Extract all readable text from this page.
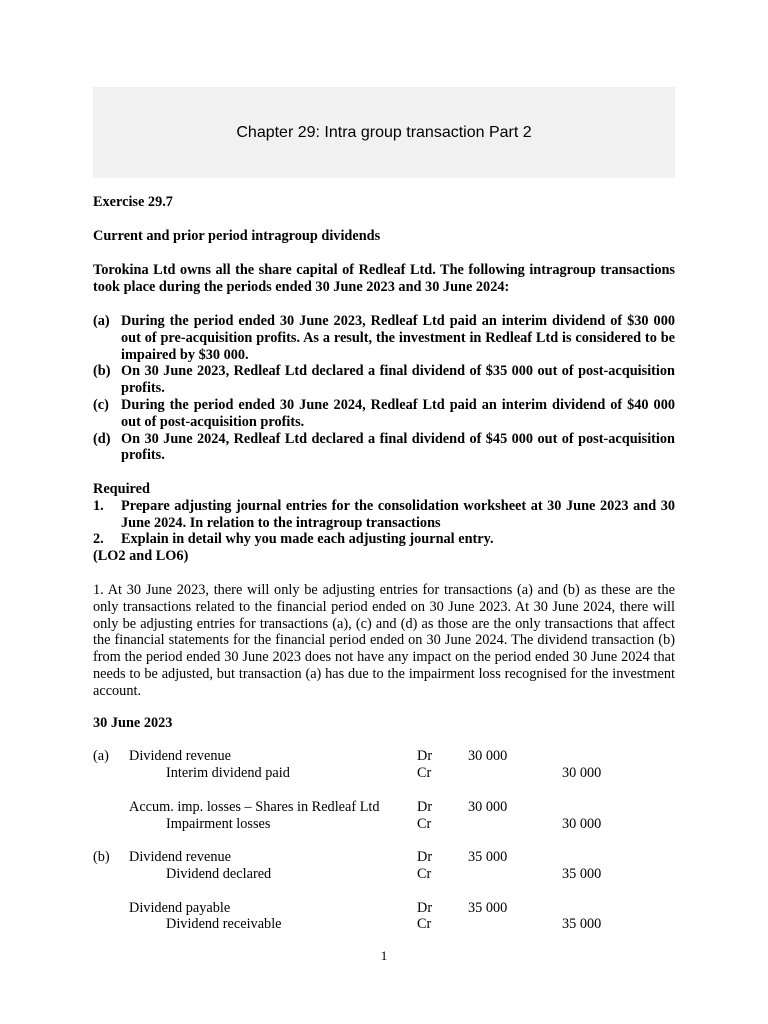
Chapter 29: Intra group transaction Part 2
Exercise 29.7
Current and prior period intragroup dividends
Torokina Ltd owns all the share capital of Redleaf Ltd. The following intragroup transactions took place during the periods ended 30 June 2023 and 30 June 2024:
(a) During the period ended 30 June 2023, Redleaf Ltd paid an interim dividend of $30 000 out of pre-acquisition profits. As a result, the investment in Redleaf Ltd is considered to be impaired by $30 000.
(b) On 30 June 2023, Redleaf Ltd declared a final dividend of $35 000 out of post-acquisition profits.
(c) During the period ended 30 June 2024, Redleaf Ltd paid an interim dividend of $40 000 out of post-acquisition profits.
(d) On 30 June 2024, Redleaf Ltd declared a final dividend of $45 000 out of post-acquisition profits.
Required
1.	Prepare adjusting journal entries for the consolidation worksheet at 30 June 2023 and 30 June 2024. In relation to the intragroup transactions
2.	Explain in detail why you made each adjusting journal entry.
(LO2 and LO6)
1. At 30 June 2023, there will only be adjusting entries for transactions (a) and (b) as these are the only transactions related to the financial period ended on 30 June 2023. At 30 June 2024, there will only be adjusting entries for transactions (a), (c) and (d) as those are the only transactions that affect the financial statements for the financial period ended on 30 June 2024. The dividend transaction (b) from the period ended 30 June 2023 does not have any impact on the period ended 30 June 2024 that needs to be adjusted, but transaction (a) has due to the impairment loss recognised for the investment account.
30 June 2023
(a) Dividend revenue	Dr	30 000
Interim dividend paid	Cr	30 000
Accum. imp. losses – Shares in Redleaf Ltd	Dr	30 000
Impairment losses	Cr	30 000
(b) Dividend revenue	Dr	35 000
Dividend declared	Cr	35 000
Dividend payable	Dr	35 000
Dividend receivable	Cr	35 000
1
